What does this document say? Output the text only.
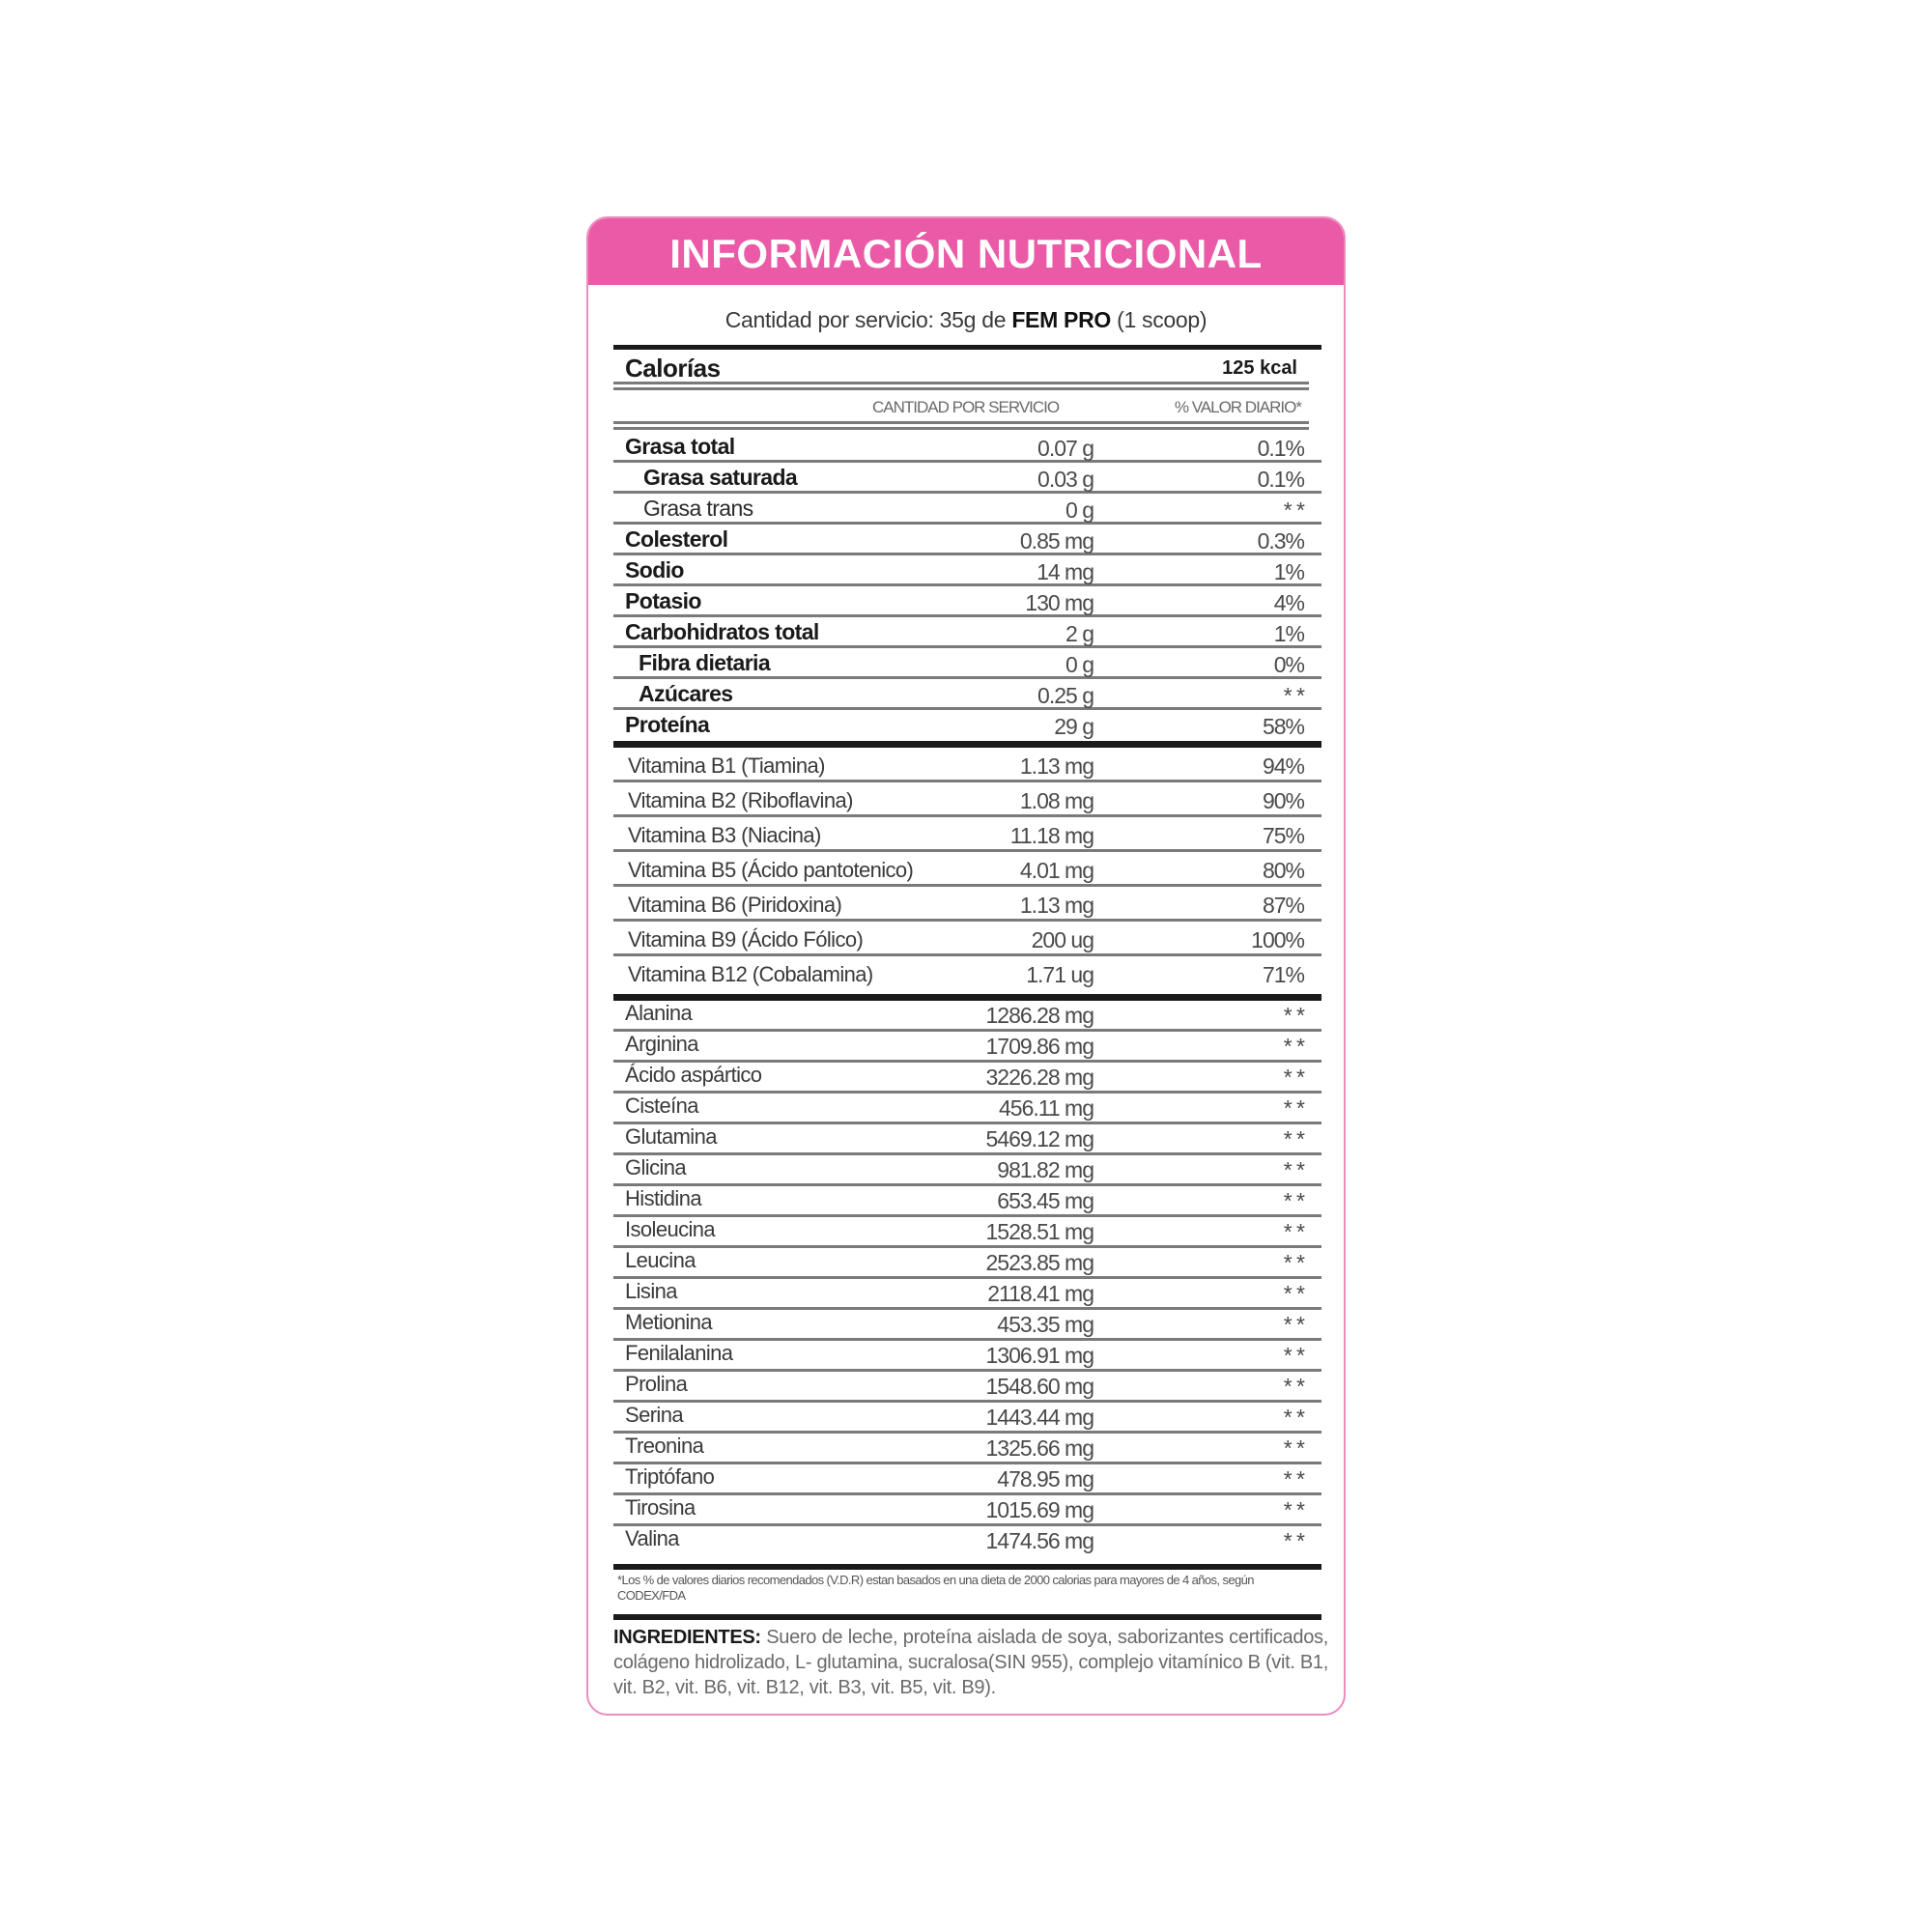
INFORMACIÓN NUTRICIONAL
Cantidad por servicio: 35g de FEM PRO (1 scoop)
Calorías	125 kcal
CANTIDAD POR SERVICIO	% VALOR DIARIO*
Grasa total	0.07 g	0.1%
Grasa saturada	0.03 g	0.1%
Grasa trans	0 g	* *
Colesterol	0.85 mg	0.3%
Sodio	14 mg	1%
Potasio	130 mg	4%
Carbohidratos total	2 g	1%
Fibra dietaria	0 g	0%
Azúcares	0.25 g	* *
Proteína	29 g	58%
Vitamina B1 (Tiamina)	1.13 mg	94%
Vitamina B2 (Riboflavina)	1.08 mg	90%
Vitamina B3 (Niacina)	11.18 mg	75%
Vitamina B5 (Ácido pantotenico)	4.01 mg	80%
Vitamina B6 (Piridoxina)	1.13 mg	87%
Vitamina B9 (Ácido Fólico)	200 ug	100%
Vitamina B12 (Cobalamina)	1.71 ug	71%
Alanina	1286.28 mg	* *
Arginina	1709.86 mg	* *
Ácido aspártico	3226.28 mg	* *
Cisteína	456.11 mg	* *
Glutamina	5469.12 mg	* *
Glicina	981.82 mg	* *
Histidina	653.45 mg	* *
Isoleucina	1528.51 mg	* *
Leucina	2523.85 mg	* *
Lisina	2118.41 mg	* *
Metionina	453.35 mg	* *
Fenilalanina	1306.91 mg	* *
Prolina	1548.60 mg	* *
Serina	1443.44 mg	* *
Treonina	1325.66 mg	* *
Triptófano	478.95 mg	* *
Tirosina	1015.69 mg	* *
Valina	1474.56 mg	* *
*Los % de valores diarios recomendados (V.D.R) estan basados en una dieta de 2000 calorias para mayores de 4 años, según CODEX/FDA
INGREDIENTES: Suero de leche, proteína aislada de soya, saborizantes certificados, colágeno hidrolizado, L- glutamina, sucralosa(SIN 955), complejo vitamínico B (vit. B1, vit. B2, vit. B6, vit. B12, vit. B3, vit. B5, vit. B9).
